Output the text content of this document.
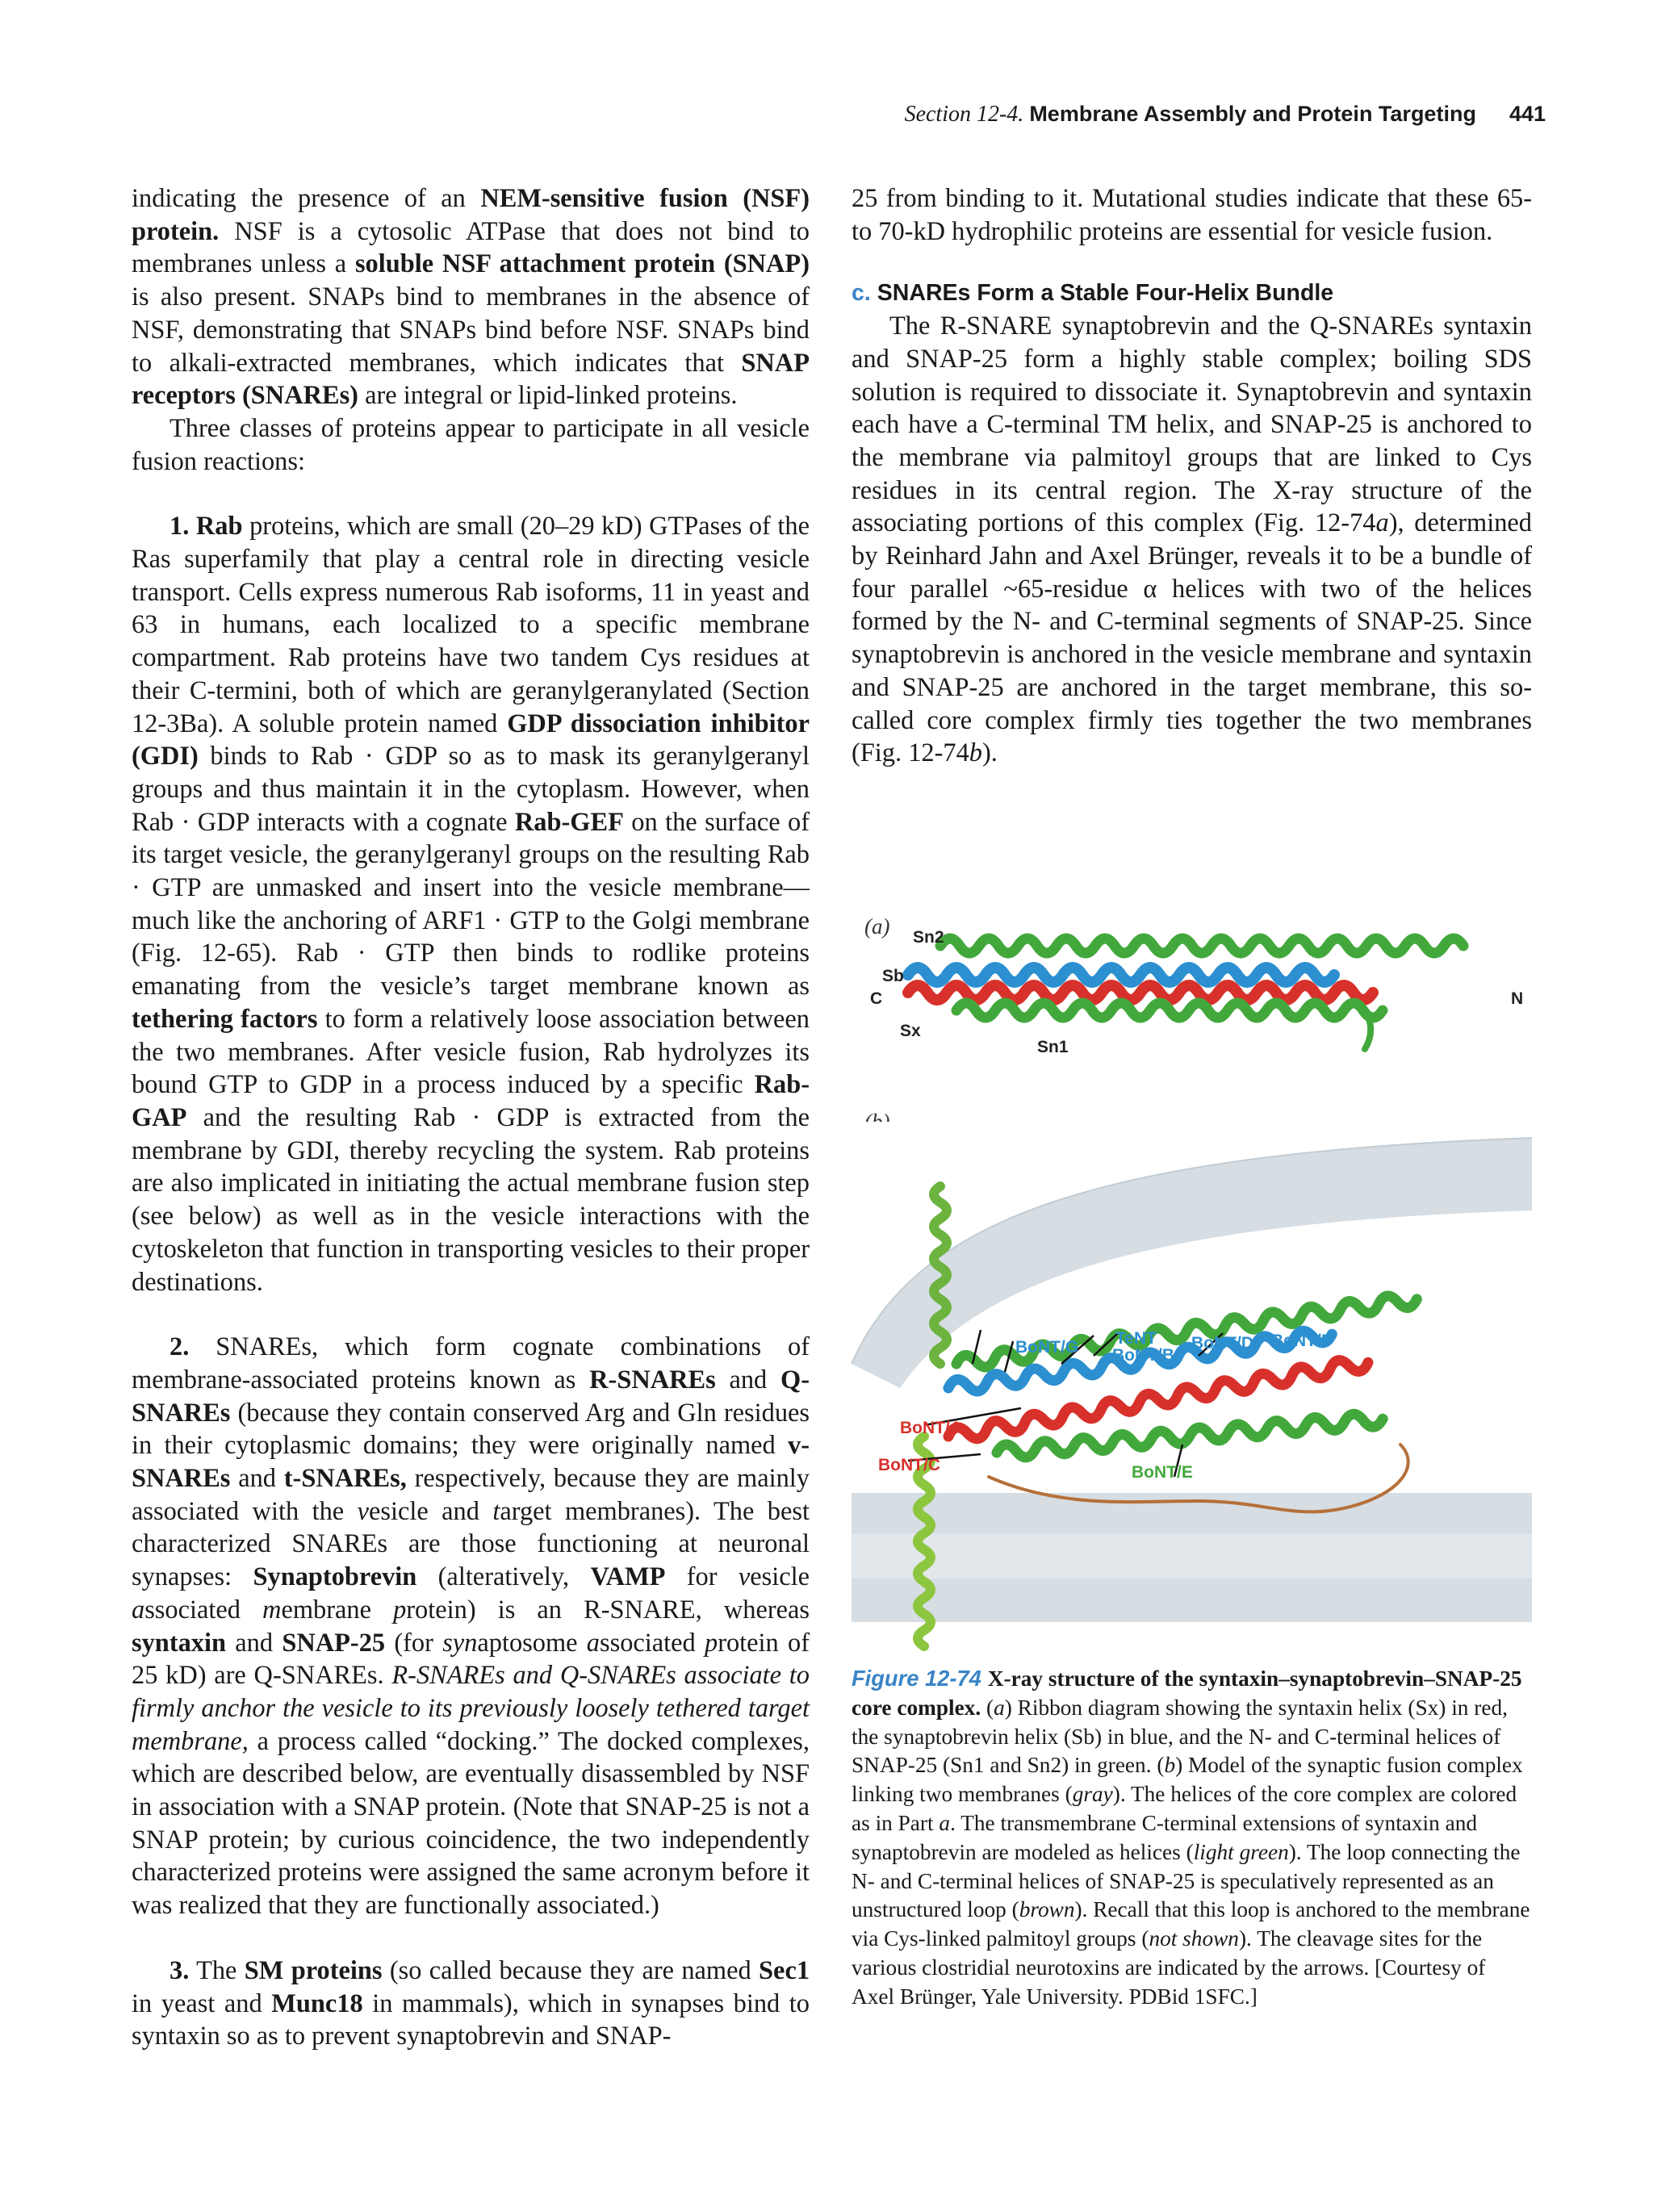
Section 12-4. Membrane Assembly and Protein Targeting 441

indicating the presence of an NEM-sensitive fusion (NSF) protein. NSF is a cytosolic ATPase that does not bind to membranes unless a soluble NSF attachment protein (SNAP) is also present. SNAPs bind to membranes in the absence of NSF, demonstrating that SNAPs bind before NSF. SNAPs bind to alkali-extracted membranes, which indicates that SNAP receptors (SNAREs) are integral or lipid-linked proteins.

Three classes of proteins appear to participate in all vesicle fusion reactions:

1. Rab proteins, which are small (20–29 kD) GTPases of the Ras superfamily that play a central role in directing vesicle transport. Cells express numerous Rab isoforms, 11 in yeast and 63 in humans, each localized to a specific membrane compartment. Rab proteins have two tandem Cys residues at their C-termini, both of which are geranylgeranylated (Section 12-3Ba). A soluble protein named GDP dissociation inhibitor (GDI) binds to Rab · GDP so as to mask its geranylgeranyl groups and thus maintain it in the cytoplasm. However, when Rab · GDP interacts with a cognate Rab-GEF on the surface of its target vesicle, the geranylgeranyl groups on the resulting Rab · GTP are unmasked and insert into the vesicle membrane—much like the anchoring of ARF1 · GTP to the Golgi membrane (Fig. 12-65). Rab · GTP then binds to rodlike proteins emanating from the vesicle’s target membrane known as tethering factors to form a relatively loose association between the two membranes. After vesicle fusion, Rab hydrolyzes its bound GTP to GDP in a process induced by a specific Rab-GAP and the resulting Rab · GDP is extracted from the membrane by GDI, thereby recycling the system. Rab proteins are also implicated in initiating the actual membrane fusion step (see below) as well as in the vesicle interactions with the cytoskeleton that function in transporting vesicles to their proper destinations.

2. SNAREs, which form cognate combinations of membrane-associated proteins known as R-SNAREs and Q-SNAREs (because they contain conserved Arg and Gln residues in their cytoplasmic domains; they were originally named v-SNAREs and t-SNAREs, respectively, because they are mainly associated with the vesicle and target membranes). The best characterized SNAREs are those functioning at neuronal synapses: Synaptobrevin (alteratively, VAMP for vesicle associated membrane protein) is an R-SNARE, whereas syntaxin and SNAP-25 (for synaptosome associated protein of 25 kD) are Q-SNAREs. R-SNAREs and Q-SNAREs associate to firmly anchor the vesicle to its previously loosely tethered target membrane, a process called “docking.” The docked complexes, which are described below, are eventually disassembled by NSF in association with a SNAP protein. (Note that SNAP-25 is not a SNAP protein; by curious coincidence, the two independently characterized proteins were assigned the same acronym before it was realized that they are functionally associated.)

3. The SM proteins (so called because they are named Sec1 in yeast and Munc18 in mammals), which in synapses bind to syntaxin so as to prevent synaptobrevin and SNAP-

25 from binding to it. Mutational studies indicate that these 65- to 70-kD hydrophilic proteins are essential for vesicle fusion.

c. SNAREs Form a Stable Four-Helix Bundle

The R-SNARE synaptobrevin and the Q-SNAREs syntaxin and SNAP-25 form a highly stable complex; boiling SDS solution is required to dissociate it. Synaptobrevin and syntaxin each have a C-terminal TM helix, and SNAP-25 is anchored to the membrane via palmitoyl groups that are linked to Cys residues in its central region. The X-ray structure of the associating portions of this complex (Fig. 12-74a), determined by Reinhard Jahn and Axel Brünger, reveals it to be a bundle of four parallel ~65-residue α helices with two of the helices formed by the N- and C-terminal segments of SNAP-25. Since synaptobrevin is anchored in the vesicle membrane and syntaxin and SNAP-25 are anchored in the target membrane, this so-called core complex firmly ties together the two membranes (Fig. 12-74b).

(a) Sn2
Sb
C
Sx
Sn1
N
BoNT/G TeNT
BoNT/B
BoNT/D BoNT/F
BoNT/A
BoNT/C	BoNT/E
Figure 12-74 X-ray structure of the syntaxin–synaptobrevin–SNAP-25 core complex. (a) Ribbon diagram showing the syntaxin helix (Sx) in red, the synaptobrevin helix (Sb) in blue, and the N- and C-terminal helices of SNAP-25 (Sn1 and Sn2) in green. (b) Model of the synaptic fusion complex linking two membranes (gray). The helices of the core complex are colored as in Part a. The transmembrane C-terminal extensions of syntaxin and synaptobrevin are modeled as helices (light green). The loop connecting the N- and C-terminal helices of SNAP-25 is speculatively represented as an unstructured loop (brown). Recall that this loop is anchored to the membrane via Cys-linked palmitoyl groups (not shown). The cleavage sites for the various clostridial neurotoxins are indicated by the arrows. [Courtesy of Axel Brünger, Yale University. PDBid 1SFC.]
